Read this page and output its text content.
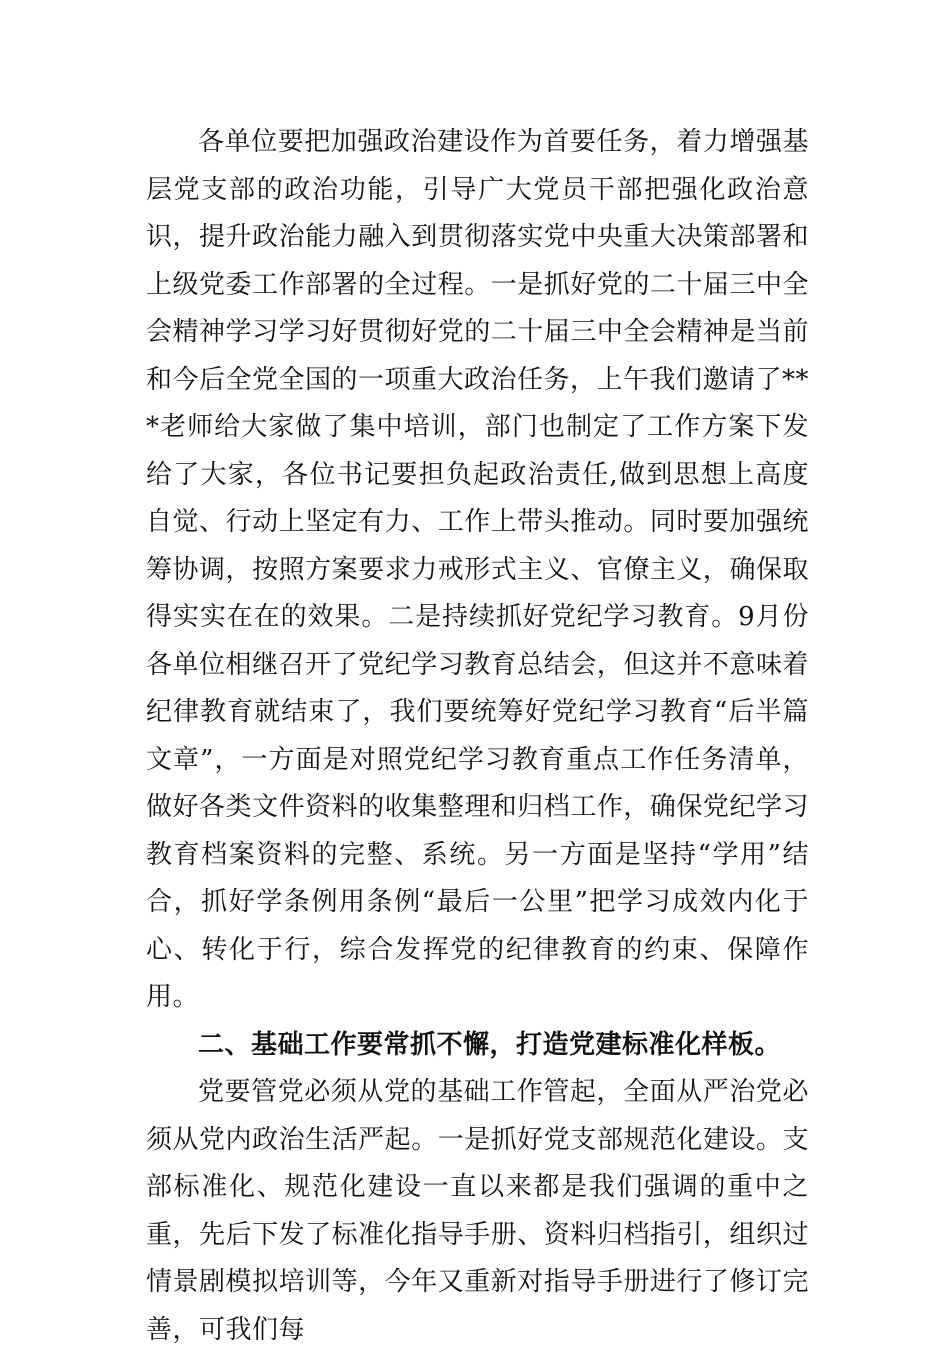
各单位要把加强政治建设作为首要任务，着力增强基层党支部的政治功能，引导广大党员干部把强化政治意识，提升政治能力融入到贯彻落实党中央重大决策部署和上级党委工作部署的全过程。一是抓好党的二十届三中全会精神学习学习好贯彻好党的二十届三中全会精神是当前和今后全党全国的一项重大政治任务，上午我们邀请了***老师给大家做了集中培训，部门也制定了工作方案下发给了大家，各位书记要担负起政治责任,做到思想上高度自觉、行动上坚定有力、工作上带头推动。同时要加强统筹协调，按照方案要求力戒形式主义、官僚主义，确保取得实实在在的效果。二是持续抓好党纪学习教育。9月份各单位相继召开了党纪学习教育总结会，但这并不意味着纪律教育就结束了，我们要统筹好党纪学习教育“后半篇文章”，一方面是对照党纪学习教育重点工作任务清单，做好各类文件资料的收集整理和归档工作，确保党纪学习教育档案资料的完整、系统。另一方面是坚持“学用”结合，抓好学条例用条例“最后一公里”把学习成效内化于心、转化于行，综合发挥党的纪律教育的约束、保障作用。

二、基础工作要常抓不懈，打造党建标准化样板。

党要管党必须从党的基础工作管起，全面从严治党必须从党内政治生活严起。一是抓好党支部规范化建设。支部标准化、规范化建设一直以来都是我们强调的重中之重，先后下发了标准化指导手册、资料归档指引，组织过情景剧模拟培训等，今年又重新对指导手册进行了修订完善，可我们每
